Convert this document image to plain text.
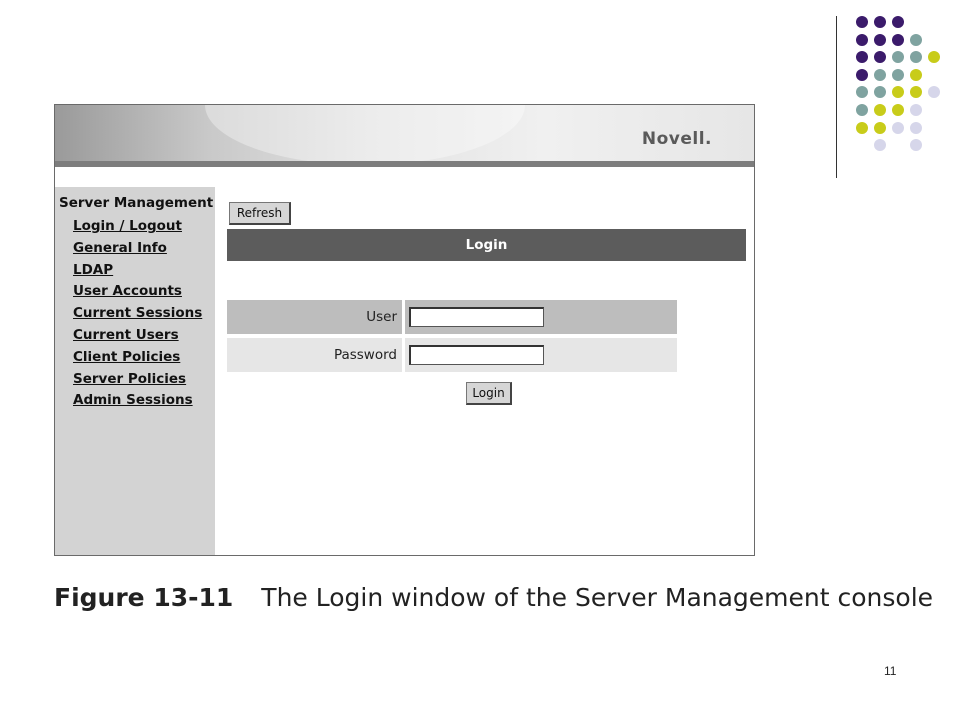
Novell.
Server Management
Login / Logout
General Info
LDAP
User Accounts
Current Sessions
Current Users
Client Policies
Server Policies
Admin Sessions
Refresh
Login
User
Password
Login
Figure 13-11 The Login window of the Server Management console
11
